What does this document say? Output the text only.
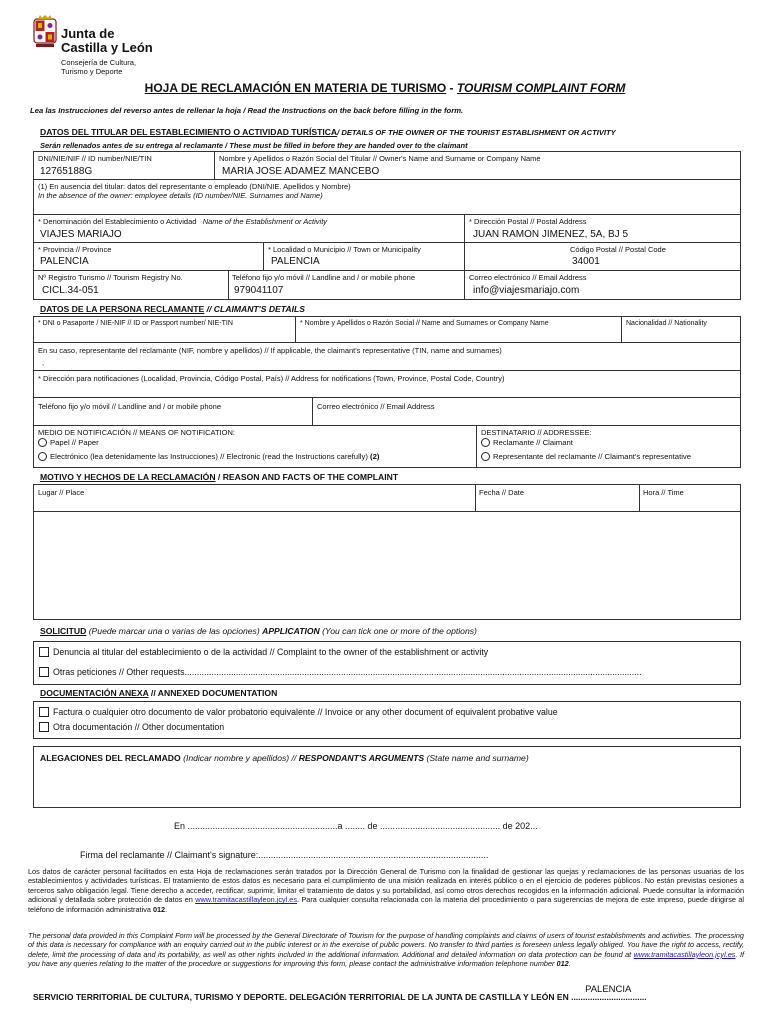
Junta de
Castilla y León
Consejería de Cultura,
Turismo y Deporte
HOJA DE RECLAMACIÓN EN MATERIA DE TURISMO - TOURISM COMPLAINT FORM
Lea las Instrucciones del reverso antes de rellenar la hoja / Read the Instructions on the back before filling in the form.
DATOS DEL TITULAR DEL ESTABLECIMIENTO O ACTIVIDAD TURÍSTICA/ DETAILS OF THE OWNER OF THE TOURIST ESTABLISHMENT OR ACTIVITY
Serán rellenados antes de su entrega al reclamante / These must be filled in before they are handed over to the claimant
DNI/NIE/NIF // ID number/NIE/TIN
12765188G
Nombre y Apellidos o Razón Social del Titular // Owner's Name and Surname or Company Name
MARIA JOSE ADAMEZ MANCEBO
(1) En ausencia del titular: datos del representante o empleado (DNI/NIE. Apellidos y Nombre)
In the absence of the owner: employee details (ID number/NIE. Surnames and Name)
* Denominación del Establecimiento o Actividad Name of the Establishment or Activity
VIAJES MARIAJO
* Dirección Postal // Postal Address
JUAN RAMON JIMENEZ, 5A, BJ 5
* Provincia // Province
PALENCIA
* Localidad o Municipio // Town or Municipality
PALENCIA
Código Postal // Postal Code
34001
Nº Registro Turismo // Tourism Registry No.
CICL.34-051
Teléfono fijo y/o móvil // Landline and / or mobile phone
979041107
Correo electrónico // Email Address
info@viajesmariajo.com
DATOS DE LA PERSONA RECLAMANTE // CLAIMANT'S DETAILS
* DNI o Pasaporte / NIE-NIF // ID or Passport number/ NIE-TIN	* Nombre y Apellidos o Razón Social // Name and Surnames or Company Name	Nacionalidad // Nationality
En su caso, representante del reclamante (NIF, nombre y apellidos) // If applicable, the claimant's representative (TIN, name and surnames)
,
* Dirección para notificaciones (Localidad, Provincia, Código Postal, País) // Address for notifications (Town, Province, Postal Code, Country)
Teléfono fijo y/o móvil // Landline and / or mobile phone	Correo electrónico // Email Address
MEDIO DE NOTIFICACIÓN // MEANS OF NOTIFICATION:
Papel // Paper
Electrónico (lea detenidamente las Instrucciones) // Electronic (read the Instructions carefully) (2)
DESTINATARIO // ADDRESSEE:
Reclamante // Claimant
Representante del reclamante // Claimant's representative
MOTIVO Y HECHOS DE LA RECLAMACIÓN / REASON AND FACTS OF THE COMPLAINT
Lugar // Place	Fecha // Date	Hora // Time
SOLICITUD (Puede marcar una o varias de las opciones) APPLICATION (You can tick one or more of the options)
Denuncia al titular del establecimiento o de la actividad // Complaint to the owner of the establishment or activity
Otras peticiones // Other requests...........................................................................................................................................................................................
DOCUMENTACIÓN ANEXA // ANNEXED DOCUMENTATION
Factura o cualquier otro documento de valor probatorio equivalente // Invoice or any other document of equivalent probative value
Otra documentación // Other documentation
ALEGACIONES DEL RECLAMADO (Indicar nombre y apellidos) // RESPONDANT'S ARGUMENTS (State name and surname)
En ............................................................a ........ de ................................................ de 202...
Firma del reclamante // Claimant's signature:............................................................................................
Los datos de carácter personal facilitados en esta Hoja de reclamaciones serán tratados por la Dirección General de Turismo con la finalidad de gestionar las quejas y reclamaciones de las personas usuarias de los establecimientos y actividades turísticas. El tratamiento de estos datos es necesario para el cumplimiento de una misión realizada en interés público o en el ejercicio de poderes públicos. No están previstas cesiones a terceros salvo obligación legal. Tiene derecho a acceder, rectificar, suprimir, limitar el tratamiento de datos y su portabilidad, así como otros derechos recogidos en la información adicional. Puede consultar la información adicional y detallada sobre protección de datos en www.tramitacastillayleon.jcyl.es. Para cualquier consulta relacionada con la materia del procedimiento o para sugerencias de mejora de este impreso, puede dirigirse al teléfono de información administrativa 012.
The personal data provided in this Complaint Form will be processed by the General Directorate of Tourism for the purpose of handling complaints and claims of users of tourist establishments and activities. The processing of this data is necessary for compliance with an enquiry carried out in the public interest or in the exercise of public powers. No transfer to third parties is foreseen unless legally obliged. You have the right to access, rectify, delete, limit the processing of data and its portability, as well as other rights included in the additional information. Additional and detailed information on data protection can be found at www.tramitacastillayleon.jcyl.es. If you have any queries relating to the matter of the procedure or suggestions for improving this form, please contact the administrative information telephone number 012.
SERVICIO TERRITORIAL DE CULTURA, TURISMO Y DEPORTE. DELEGACIÓN TERRITORIAL DE LA JUNTA DE CASTILLA Y LEÓN EN ................................
PALENCIA
